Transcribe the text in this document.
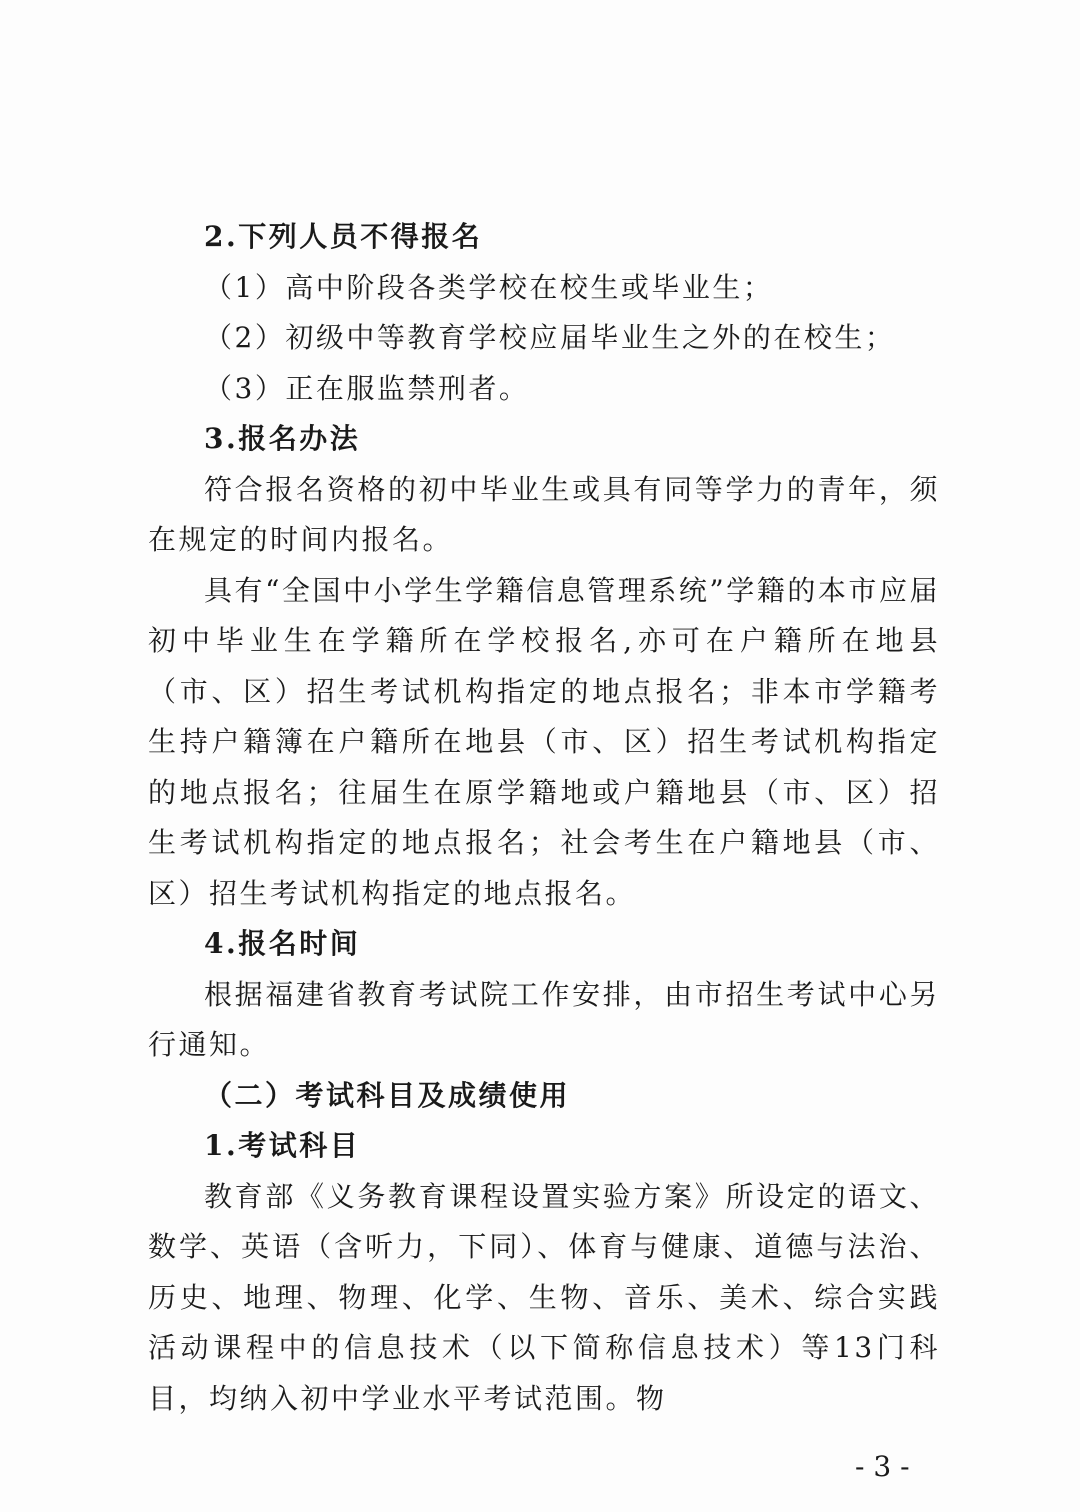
2.下列人员不得报名

（1）高中阶段各类学校在校生或毕业生；

（2）初级中等教育学校应届毕业生之外的在校生；

（3）正在服监禁刑者。

3.报名办法

符合报名资格的初中毕业生或具有同等学力的青年，须在规定的时间内报名。

具有“全国中小学生学籍信息管理系统”学籍的本市应届初中毕业生在学籍所在学校报名,亦可在户籍所在地县（市、区）招生考试机构指定的地点报名；非本市学籍考生持户籍簿在户籍所在地县（市、区）招生考试机构指定的地点报名；往届生在原学籍地或户籍地县（市、区）招生考试机构指定的地点报名；社会考生在户籍地县（市、区）招生考试机构指定的地点报名。

4.报名时间

根据福建省教育考试院工作安排，由市招生考试中心另行通知。

（二）考试科目及成绩使用

1.考试科目

教育部《义务教育课程设置实验方案》所设定的语文、数学、英语（含听力，下同）、体育与健康、道德与法治、历史、地理、物理、化学、生物、音乐、美术、综合实践活动课程中的信息技术（以下简称信息技术）等13门科目，均纳入初中学业水平考试范围。物

- 3 -
